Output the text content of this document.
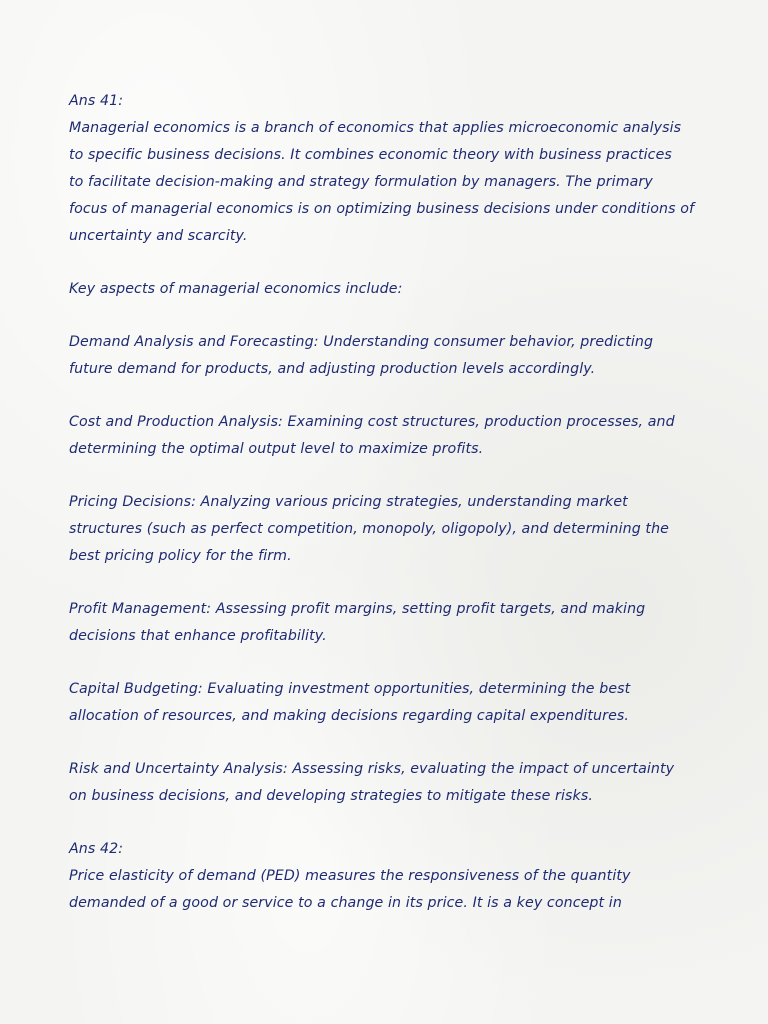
Ans 41:
Managerial economics is a branch of economics that applies microeconomic analysis
to specific business decisions. It combines economic theory with business practices
to facilitate decision-making and strategy formulation by managers. The primary
focus of managerial economics is on optimizing business decisions under conditions of
uncertainty and scarcity.

Key aspects of managerial economics include:

Demand Analysis and Forecasting: Understanding consumer behavior, predicting
future demand for products, and adjusting production levels accordingly.

Cost and Production Analysis: Examining cost structures, production processes, and
determining the optimal output level to maximize profits.

Pricing Decisions: Analyzing various pricing strategies, understanding market
structures (such as perfect competition, monopoly, oligopoly), and determining the
best pricing policy for the firm.

Profit Management: Assessing profit margins, setting profit targets, and making
decisions that enhance profitability.

Capital Budgeting: Evaluating investment opportunities, determining the best
allocation of resources, and making decisions regarding capital expenditures.

Risk and Uncertainty Analysis: Assessing risks, evaluating the impact of uncertainty
on business decisions, and developing strategies to mitigate these risks.

Ans 42:
Price elasticity of demand (PED) measures the responsiveness of the quantity
demanded of a good or service to a change in its price. It is a key concept in
